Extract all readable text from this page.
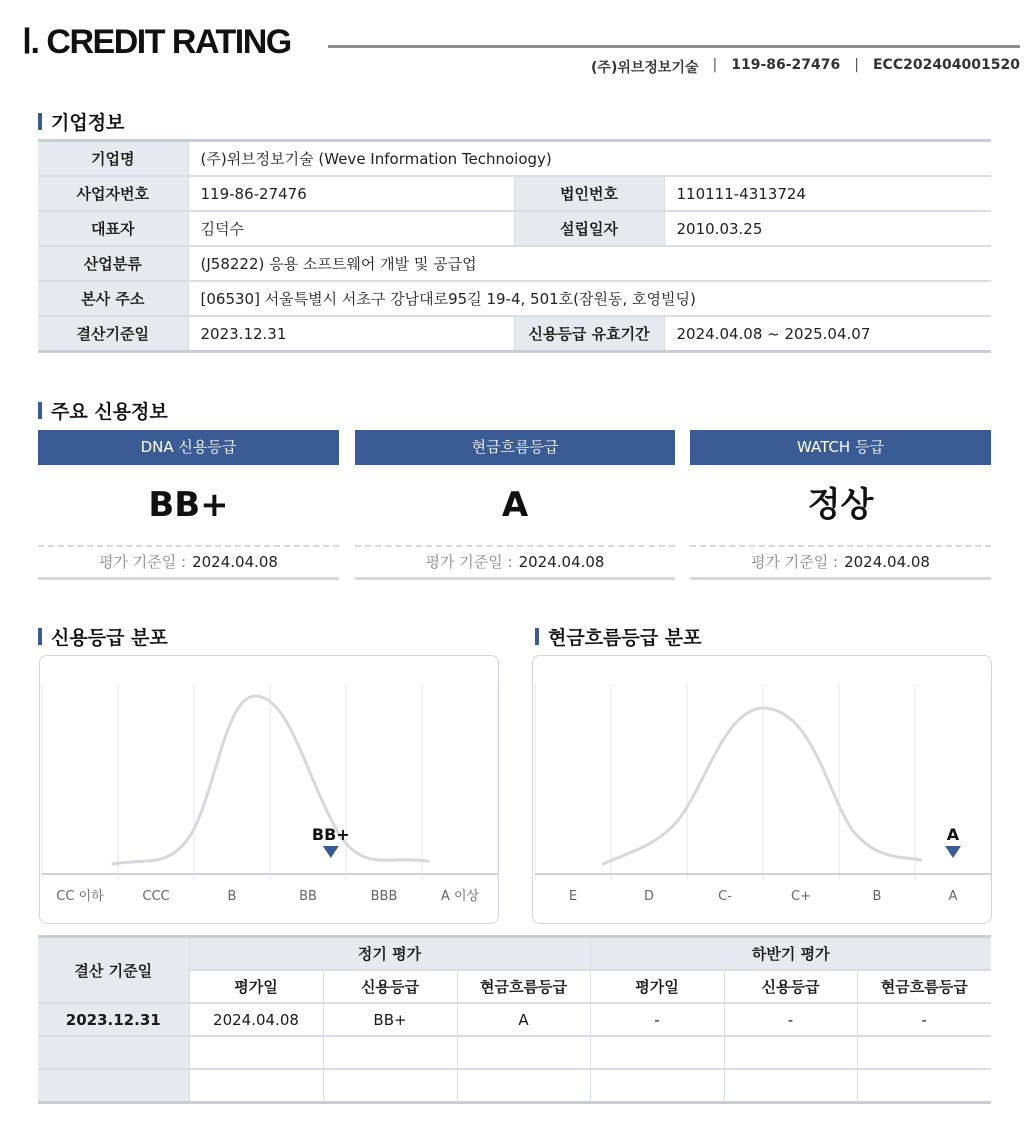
Ⅰ. CREDIT RATING
(주)위브정보기술 | 119-86-27476 | ECC202404001520
기업정보
기업명	(주)위브정보기술 (Weve Information Technoiogy)		
사업자번호	119-86-27476	법인번호	110111-4313724
대표자	김덕수	설립일자	2010.03.25
산업분류	(J58222) 응용 소프트웨어 개발 및 공급업		
본사 주소	[06530] 서울특별시 서초구 강남대로95길 19-4, 501호(잠원동, 호영빌딩)		
결산기준일	2023.12.31	신용등급 유효기간	2024.04.08 ~ 2025.04.07
주요 신용정보
DNA 신용등급
BB+
평가 기준일 : 2024.04.08
현금흐름등급
A
평가 기준일 : 2024.04.08
WATCH 등급
정상
평가 기준일 : 2024.04.08
신용등급 분포	현금흐름등급 분포
CC 이하	CCC	B	BB	BBB	A 이상
BB+
E	D	C-	C+	B	A
A
결산 기준일	정기 평가			하반기 평가		
	평가일	신용등급	현금흐름등급	평가일	신용등급	현금흐름등급
2023.12.31	2024.04.08	BB+	A	-	-	-
